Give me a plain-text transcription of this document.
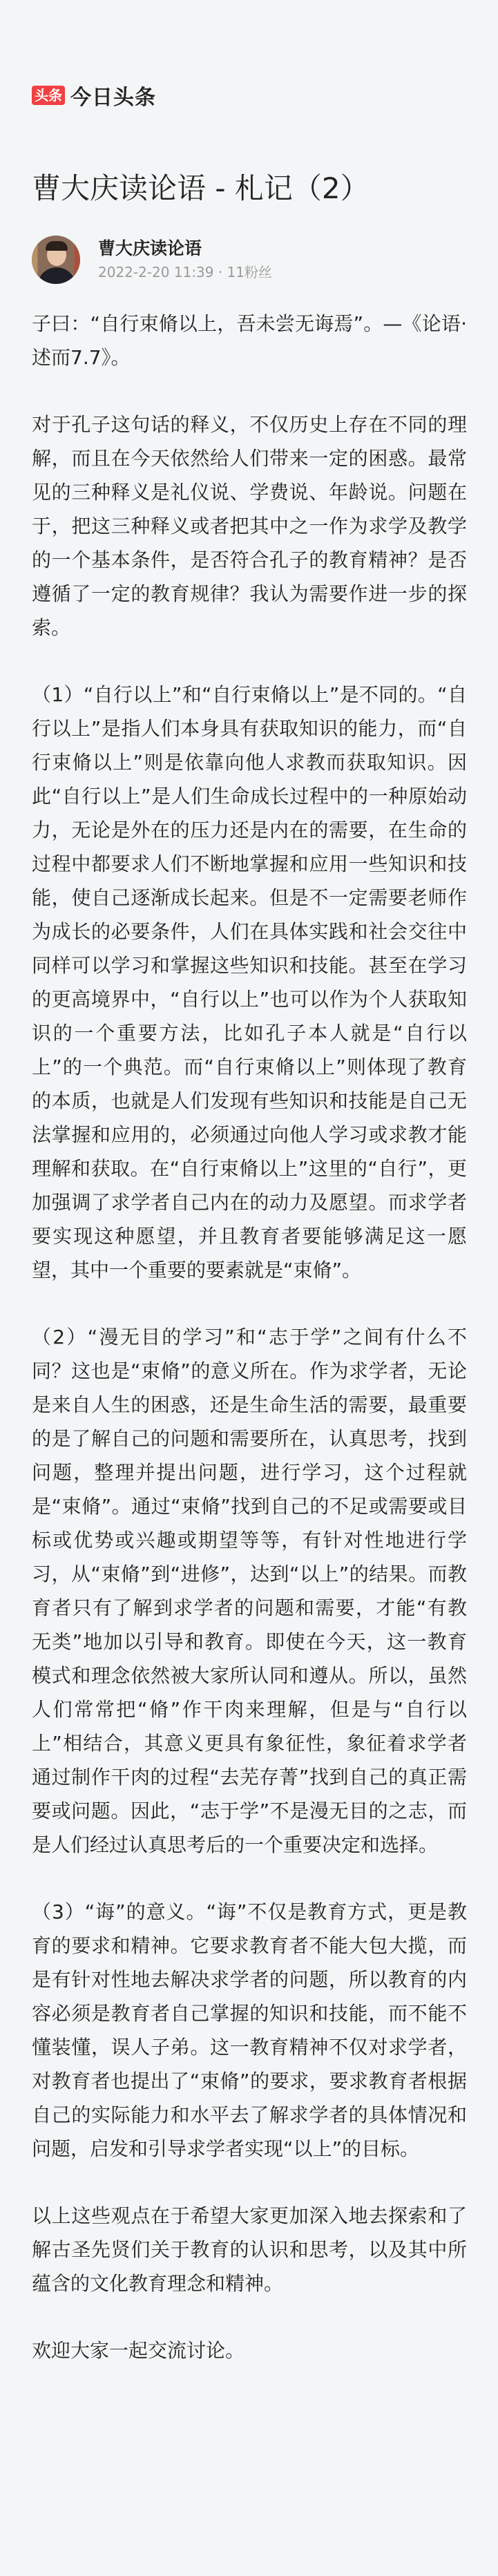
头条 今日头条
曹大庆读论语 - 札记（2）
曹大庆读论语
2022-2-20 11:39 · 11粉丝

子曰：“自行束脩以上，吾未尝无诲焉”。—《论语·述而7.7》。

对于孔子这句话的释义，不仅历史上存在不同的理解，而且在今天依然给人们带来一定的困惑。最常见的三种释义是礼仪说、学费说、年龄说。问题在于，把这三种释义或者把其中之一作为求学及教学的一个基本条件，是否符合孔子的教育精神？是否遵循了一定的教育规律？我认为需要作进一步的探索。

（1）“自行以上”和“自行束脩以上”是不同的。“自行以上”是指人们本身具有获取知识的能力，而“自行束脩以上”则是依靠向他人求教而获取知识。因此“自行以上”是人们生命成长过程中的一种原始动力，无论是外在的压力还是内在的需要，在生命的过程中都要求人们不断地掌握和应用一些知识和技能，使自己逐渐成长起来。但是不一定需要老师作为成长的必要条件，人们在具体实践和社会交往中同样可以学习和掌握这些知识和技能。甚至在学习的更高境界中，“自行以上”也可以作为个人获取知识的一个重要方法，比如孔子本人就是“自行以上”的一个典范。而“自行束脩以上”则体现了教育的本质，也就是人们发现有些知识和技能是自己无法掌握和应用的，必须通过向他人学习或求教才能理解和获取。在“自行束脩以上”这里的“自行”，更加强调了求学者自己内在的动力及愿望。而求学者要实现这种愿望，并且教育者要能够满足这一愿望，其中一个重要的要素就是“束脩”。

（2）“漫无目的学习”和“志于学”之间有什么不同？这也是“束脩”的意义所在。作为求学者，无论是来自人生的困惑，还是生命生活的需要，最重要的是了解自己的问题和需要所在，认真思考，找到问题，整理并提出问题，进行学习，这个过程就是“束脩”。通过“束脩”找到自己的不足或需要或目标或优势或兴趣或期望等等，有针对性地进行学习，从“束脩”到“进修”，达到“以上”的结果。而教育者只有了解到求学者的问题和需要，才能“有教无类”地加以引导和教育。即使在今天，这一教育模式和理念依然被大家所认同和遵从。所以，虽然人们常常把“脩”作干肉来理解，但是与“自行以上”相结合，其意义更具有象征性，象征着求学者通过制作干肉的过程“去芜存菁”找到自己的真正需要或问题。因此，“志于学”不是漫无目的之志，而是人们经过认真思考后的一个重要决定和选择。

（3）“诲”的意义。“诲”不仅是教育方式，更是教育的要求和精神。它要求教育者不能大包大揽，而是有针对性地去解决求学者的问题，所以教育的内容必须是教育者自己掌握的知识和技能，而不能不懂装懂，误人子弟。这一教育精神不仅对求学者，对教育者也提出了“束脩”的要求，要求教育者根据自己的实际能力和水平去了解求学者的具体情况和问题，启发和引导求学者实现“以上”的目标。

以上这些观点在于希望大家更加深入地去探索和了解古圣先贤们关于教育的认识和思考，以及其中所蕴含的文化教育理念和精神。

欢迎大家一起交流讨论。
